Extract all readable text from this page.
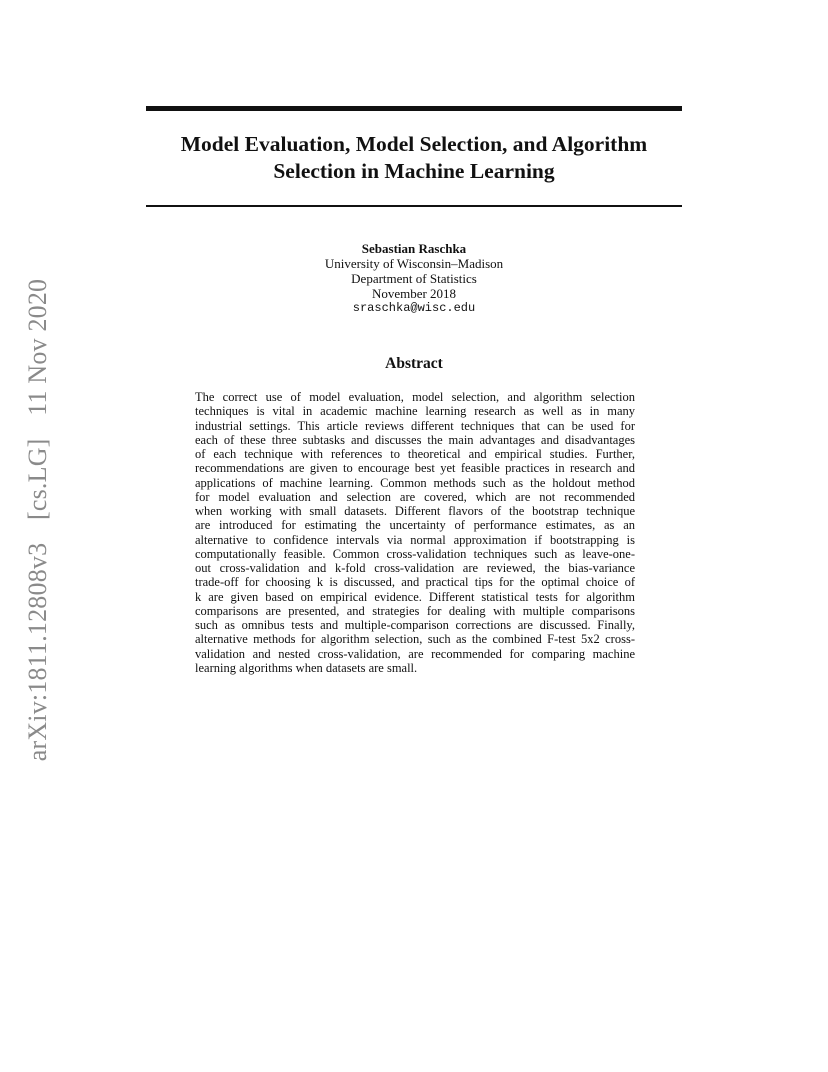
Model Evaluation, Model Selection, and Algorithm
Selection in Machine Learning
Sebastian Raschka
University of Wisconsin–Madison
Department of Statistics
November 2018
sraschka@wisc.edu
Abstract
The correct use of model evaluation, model selection, and algorithm selection
techniques is vital in academic machine learning research as well as in many
industrial settings. This article reviews different techniques that can be used for
each of these three subtasks and discusses the main advantages and disadvantages
of each technique with references to theoretical and empirical studies. Further,
recommendations are given to encourage best yet feasible practices in research and
applications of machine learning. Common methods such as the holdout method
for model evaluation and selection are covered, which are not recommended
when working with small datasets. Different flavors of the bootstrap technique
are introduced for estimating the uncertainty of performance estimates, as an
alternative to confidence intervals via normal approximation if bootstrapping is
computationally feasible. Common cross-validation techniques such as leave-one-
out cross-validation and k-fold cross-validation are reviewed, the bias-variance
trade-off for choosing k is discussed, and practical tips for the optimal choice of
k are given based on empirical evidence. Different statistical tests for algorithm
comparisons are presented, and strategies for dealing with multiple comparisons
such as omnibus tests and multiple-comparison corrections are discussed. Finally,
alternative methods for algorithm selection, such as the combined F-test 5x2 cross-
validation and nested cross-validation, are recommended for comparing machine
learning algorithms when datasets are small.
arXiv:1811.12808v3 [cs.LG] 11 Nov 2020
